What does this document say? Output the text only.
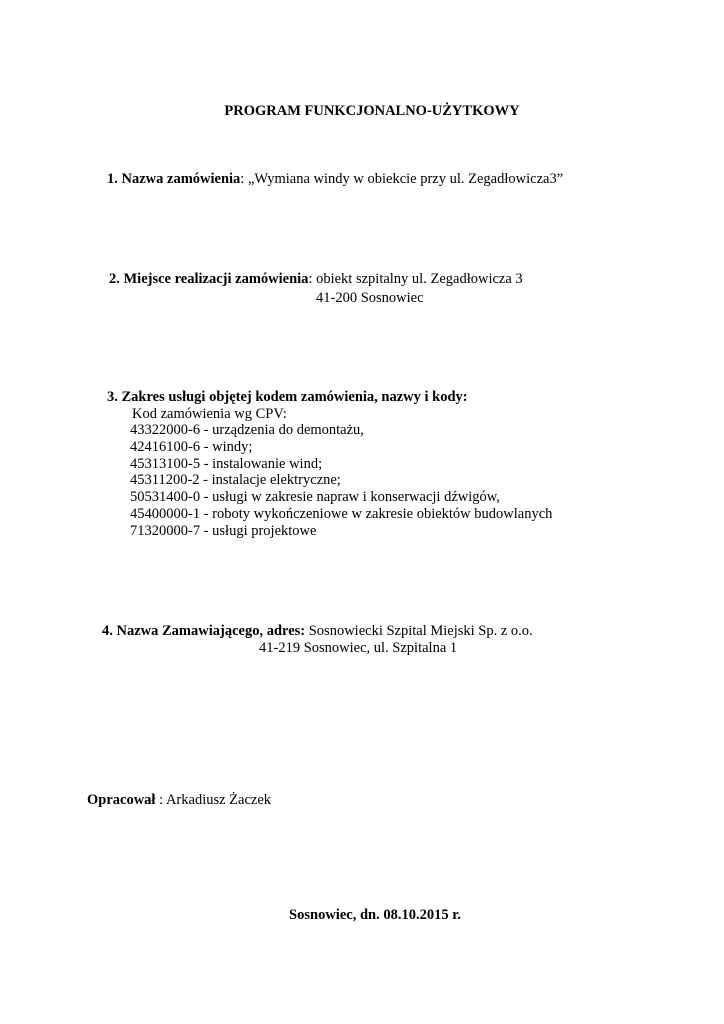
PROGRAM FUNKCJONALNO-UŻYTKOWY
1. Nazwa zamówienia: „Wymiana windy w obiekcie przy ul. Zegadłowicza3”
2. Miejsce realizacji zamówienia: obiekt szpitalny ul. Zegadłowicza 3
41-200 Sosnowiec
3. Zakres usługi objętej kodem zamówienia, nazwy i kody:
Kod zamówienia wg CPV:
43322000-6 - urządzenia do demontażu,
42416100-6 - windy;
45313100-5 - instalowanie wind;
45311200-2 - instalacje elektryczne;
50531400-0 - usługi w zakresie napraw i konserwacji dźwigów,
45400000-1 - roboty wykończeniowe w zakresie obiektów budowlanych
71320000-7 - usługi projektowe
4. Nazwa Zamawiającego, adres: Sosnowiecki Szpital Miejski Sp. z o.o.
41-219 Sosnowiec, ul. Szpitalna 1
Opracował : Arkadiusz Żaczek
Sosnowiec, dn. 08.10.2015 r.
